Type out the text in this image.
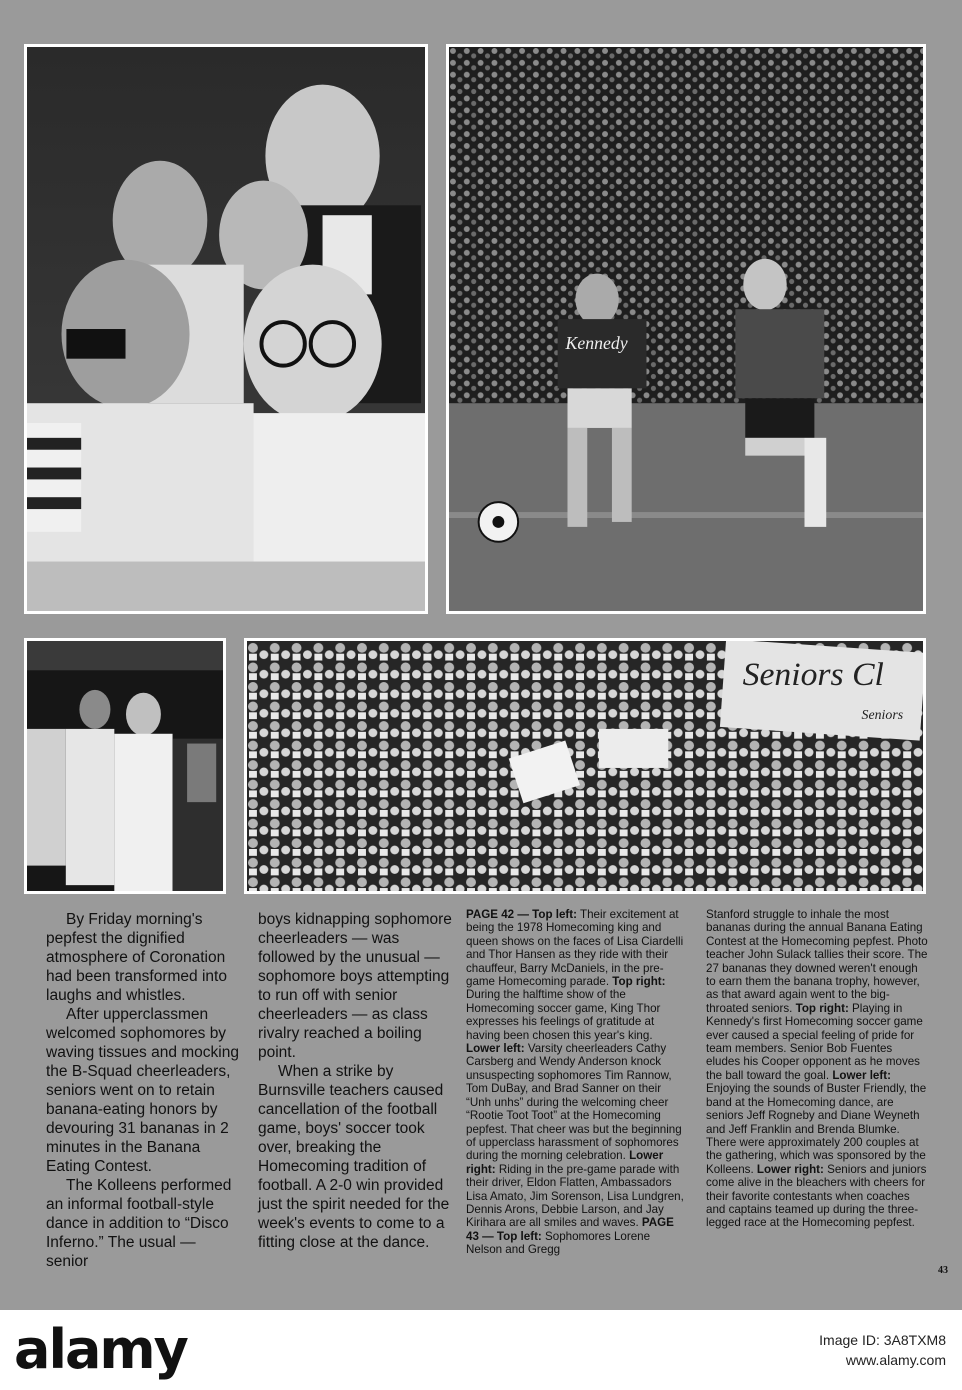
Kennedy
Seniors Cl
Seniors

By Friday morning's pepfest the dignified atmosphere of Coronation had been transformed into laughs and whistles.

After upperclassmen welcomed sophomores by waving tissues and mocking the B-Squad cheerleaders, seniors went on to retain banana-eating honors by devouring 31 bananas in 2 minutes in the Banana Eating Contest.

The Kolleens performed an informal football-style dance in addition to “Disco Inferno.” The usual — senior

boys kidnapping sophomore cheerleaders — was followed by the unusual — sophomore boys attempting to run off with senior cheerleaders — as class rivalry reached a boiling point.

When a strike by Burnsville teachers caused cancellation of the football game, boys' soccer took over, breaking the Homecoming tradition of football. A 2-0 win provided just the spirit needed for the week's events to come to a fitting close at the dance.

PAGE 42 — Top left: Their excitement at being the 1978 Homecoming king and queen shows on the faces of Lisa Ciardelli and Thor Hansen as they ride with their chauffeur, Barry McDaniels, in the pre-game Homecoming parade. Top right: During the halftime show of the Homecoming soccer game, King Thor expresses his feelings of gratitude at having been chosen this year's king. Lower left: Varsity cheerleaders Cathy Carsberg and Wendy Anderson knock unsuspecting sophomores Tim Rannow, Tom DuBay, and Brad Sanner on their “Unh unhs” during the welcoming cheer “Rootie Toot Toot” at the Homecoming pepfest. That cheer was but the beginning of upperclass harassment of sophomores during the morning celebration. Lower right: Riding in the pre-game parade with their driver, Eldon Flatten, Ambassadors Lisa Amato, Jim Sorenson, Lisa Lundgren, Dennis Arons, Debbie Larson, and Jay Kirihara are all smiles and waves. PAGE 43 — Top left: Sophomores Lorene Nelson and Gregg
Stanford struggle to inhale the most bananas during the annual Banana Eating Contest at the Homecoming pepfest. Photo teacher John Sulack tallies their score. The 27 bananas they downed weren't enough to earn them the banana trophy, however, as that award again went to the big-throated seniors. Top right: Playing in Kennedy's first Homecoming soccer game ever caused a special feeling of pride for team members. Senior Bob Fuentes eludes his Cooper opponent as he moves the ball toward the goal. Lower left: Enjoying the sounds of Buster Friendly, the band at the Homecoming dance, are seniors Jeff Rogneby and Diane Weyneth and Jeff Franklin and Brenda Blumke. There were approximately 200 couples at the gathering, which was sponsored by the Kolleens. Lower right: Seniors and juniors come alive in the bleachers with cheers for their favorite contestants when coaches and captains teamed up during the three-legged race at the Homecoming pepfest.
43
alamy	Image ID: 3A8TXM8
www.alamy.com
